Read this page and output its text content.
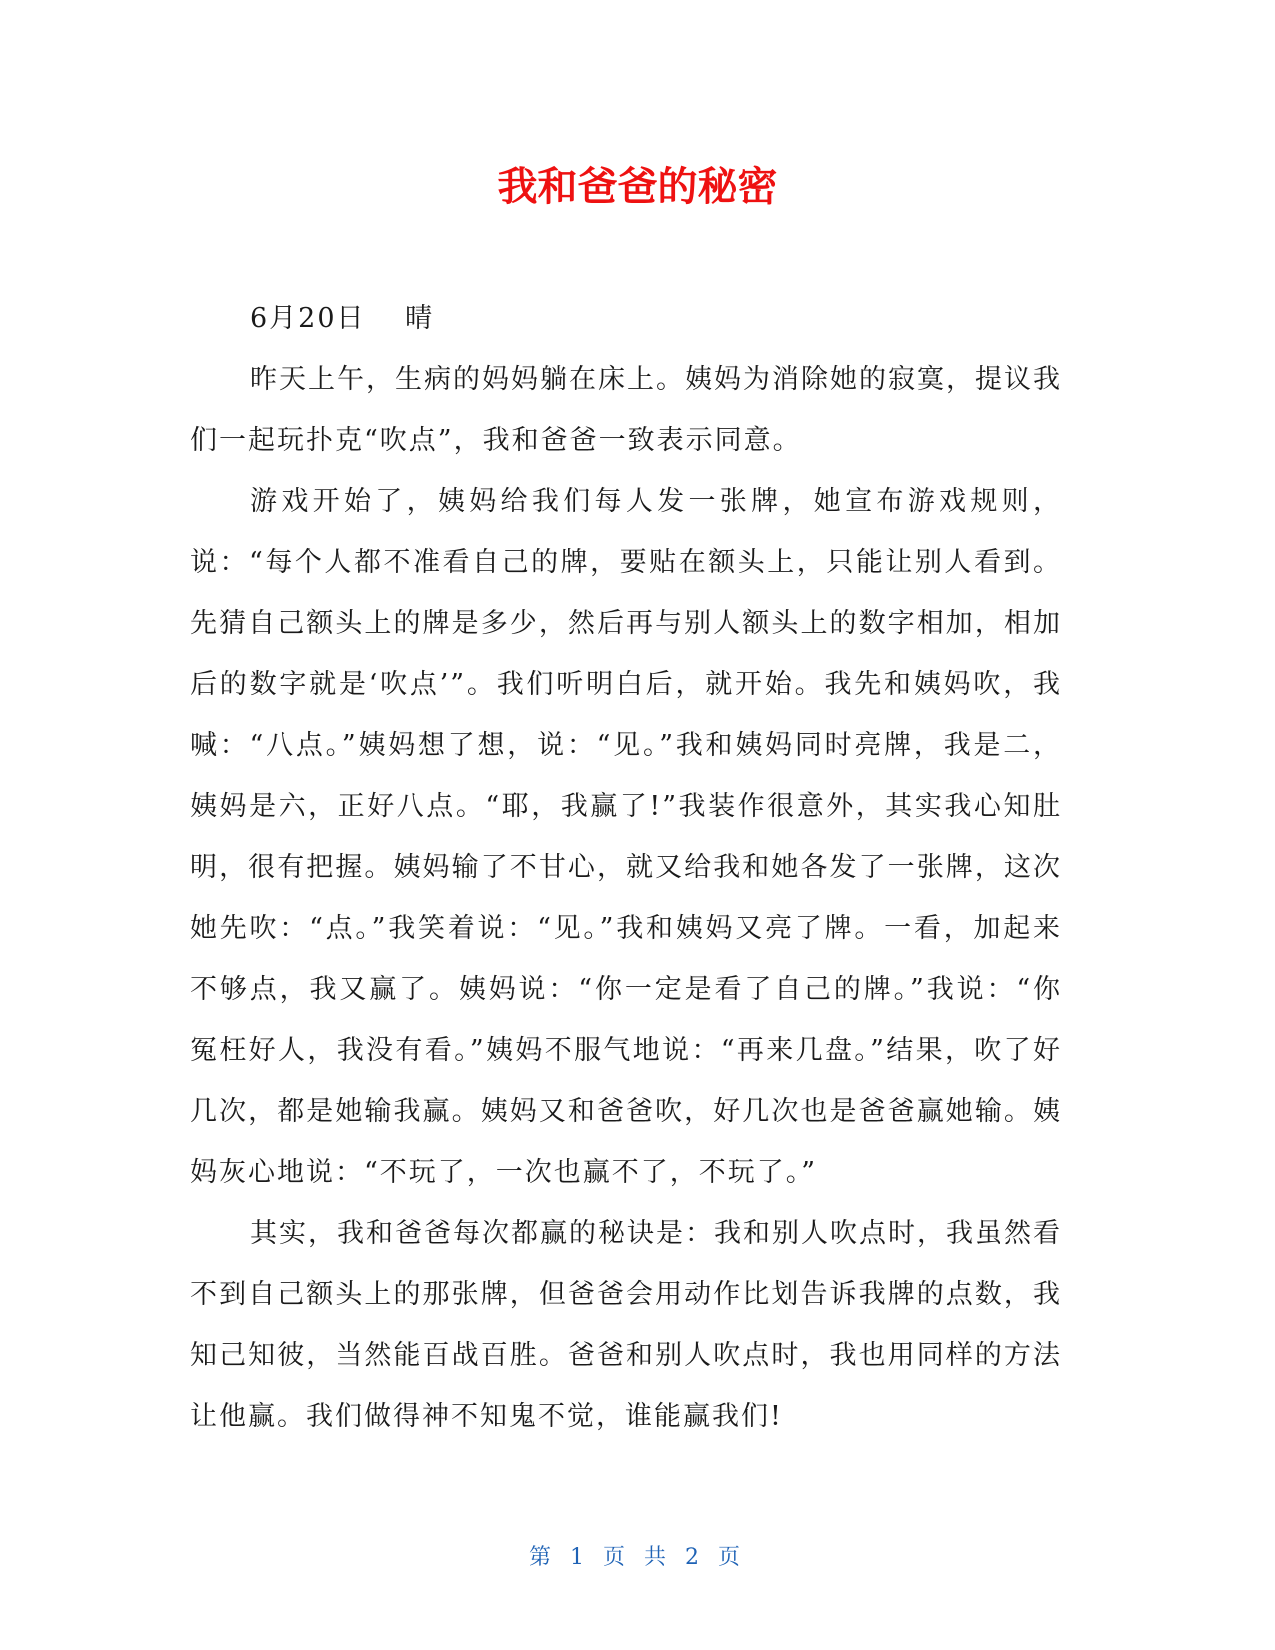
我和爸爸的秘密

6月20日　 晴

昨天上午，生病的妈妈躺在床上。姨妈为消除她的寂寞，提议我们一起玩扑克“吹点”，我和爸爸一致表示同意。

游戏开始了，姨妈给我们每人发一张牌，她宣布游戏规则，说：“每个人都不准看自己的牌，要贴在额头上，只能让别人看到。先猜自己额头上的牌是多少，然后再与别人额头上的数字相加，相加后的数字就是‘吹点’”。我们听明白后，就开始。我先和姨妈吹，我喊：“八点。”姨妈想了想，说：“见。”我和姨妈同时亮牌，我是二，姨妈是六，正好八点。“耶，我赢了!”我装作很意外，其实我心知肚明，很有把握。姨妈输了不甘心，就又给我和她各发了一张牌，这次她先吹：“点。”我笑着说：“见。”我和姨妈又亮了牌。一看，加起来不够点，我又赢了。姨妈说：“你一定是看了自己的牌。”我说：“你冤枉好人，我没有看。”姨妈不服气地说：“再来几盘。”结果，吹了好几次，都是她输我赢。姨妈又和爸爸吹，好几次也是爸爸赢她输。姨妈灰心地说：“不玩了，一次也赢不了，不玩了。”

其实，我和爸爸每次都赢的秘诀是：我和别人吹点时，我虽然看不到自己额头上的那张牌，但爸爸会用动作比划告诉我牌的点数，我知己知彼，当然能百战百胜。爸爸和别人吹点时，我也用同样的方法让他赢。我们做得神不知鬼不觉，谁能赢我们!

第 1 页 共 2 页
